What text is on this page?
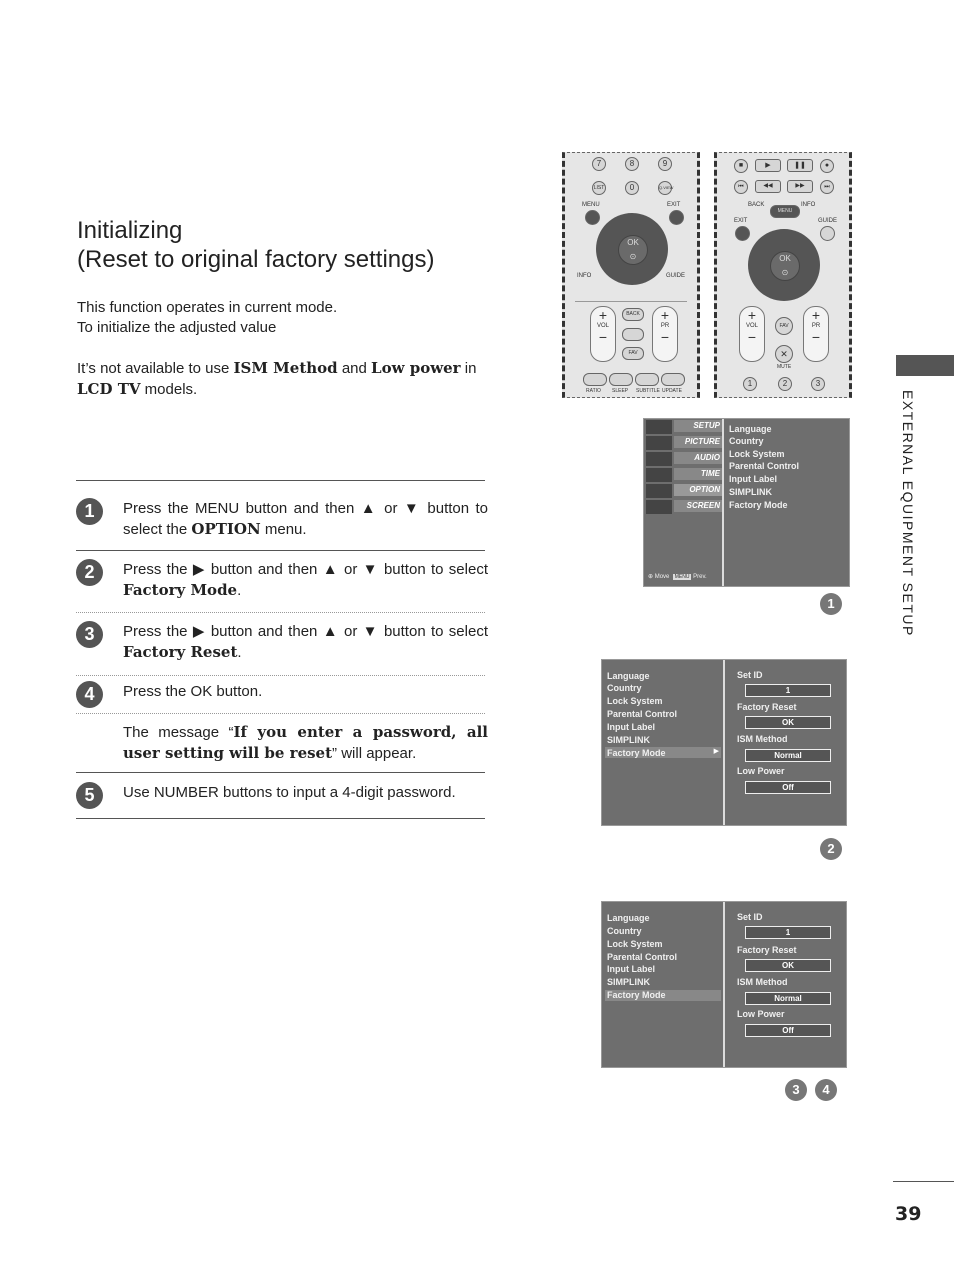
Initializing
(Reset to original factory settings)

This function operates in current mode.

To initialize the adjusted value

It’s not available to use ISM Method and Low power in

LCD TV models.

1	Press the MENU button and then ▲ or ▼ button to select the OPTION menu.
2	Press the ▶ button and then ▲ or ▼ button to select Factory Mode.
3	Press the ▶ button and then ▲ or ▼ button to select Factory Reset.
4	Press the OK button.
The message “If you enter a password, all user setting will be reset” will appear.
5	Use NUMBER buttons to input a 4-digit password.
EXTERNAL EQUIPMENT SETUP
39
7	8	9
LIST	0	Q.VIEW
MENU	EXIT
OK
⊙
INFO	GUIDE
+
VOL
−
+
PR
−
BACK
FAV
RATIO SLEEP SUBTITLE UPDATE
■	▶	❚❚	●
⏮	◀◀	▶▶	⏭
BACK	INFO
MENU
EXIT	GUIDE
OK
⊙
+
VOL
−
+
PR
−
FAV
✕
MUTE
1	2	3
SETUP
PICTURE
AUDIO
TIME
OPTION
SCREEN
⊕ Move MENU Prev.
Language
Country
Lock System
Parental Control
Input Label
SIMPLINK
Factory Mode
1
Language
Country
Lock System
Parental Control
Input Label
SIMPLINK
Factory Mode	▶
Set ID
1
Factory Reset
OK
ISM Method
Normal
Low Power
Off
2
Language
Country
Lock System
Parental Control
Input Label
SIMPLINK
Factory Mode
Set ID
1
Factory Reset
OK
ISM Method
Normal
Low Power
Off
3	4
